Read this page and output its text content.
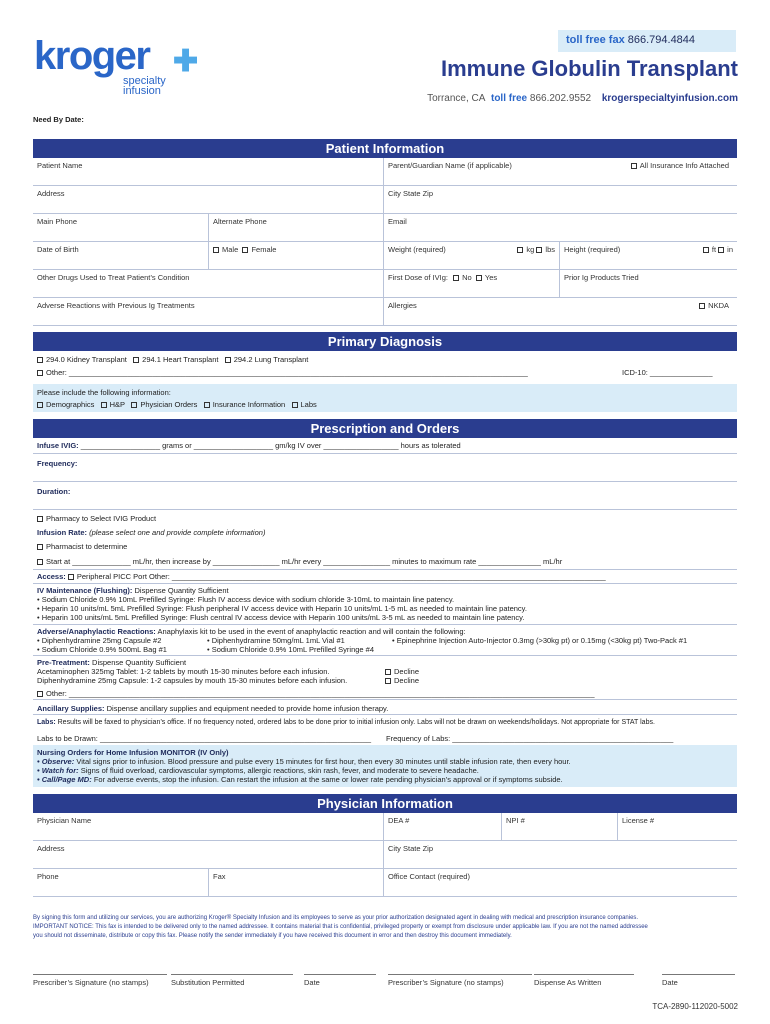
kroger ✚
specialty
infusion
toll free fax 866.794.4844
Immune Globulin Transplant
Torrance, CA toll free 866.202.9552 krogerspecialtyinfusion.com
Need By Date:
Patient Information
Patient Name	Parent/Guardian Name (if applicable)	All Insurance Info Attached
Address	City State Zip
Main Phone	Alternate Phone	Email
Date of Birth	Male Female	Weight (required)	kg lbs	Height (required)	ft in
Other Drugs Used to Treat Patient’s Condition	First Dose of IVIg: No Yes	Prior Ig Products Tried
Adverse Reactions with Previous Ig Treatments	Allergies	NKDA
Primary Diagnosis
294.0 Kidney Transplant 294.1 Heart Transplant 294.2 Lung Transplant
Other: ______________________________________________________________________________________________________________	ICD-10: _______________
Please include the following information:
Demographics H&P Physician Orders Insurance Information Labs
Prescription and Orders
Infuse IVIG: ___________________ grams or ___________________ gm/kg IV over __________________ hours as tolerated
Frequency:
Duration:
Pharmacy to Select IVIG Product
Infusion Rate: (please select one and provide complete information)
Pharmacist to determine
Start at ______________ mL/hr, then increase by ________________ mL/hr every ________________ minutes to maximum rate _______________ mL/hr
Access: Peripheral PICC Port Other: ________________________________________________________________________________________________________
IV Maintenance (Flushing): Dispense Quantity Sufficient
• Sodium Chloride 0.9% 10mL Prefilled Syringe: Flush IV access device with sodium chloride 3-10mL to maintain line patency.
• Heparin 10 units/mL 5mL Prefilled Syringe: Flush peripheral IV access device with Heparin 10 units/mL 1-5 mL as needed to maintain line patency.
• Heparin 100 units/mL 5mL Prefilled Syringe: Flush central IV access device with Heparin 100 units/mL 3-5 mL as needed to maintain line patency.
Adverse/Anaphylactic Reactions: Anaphylaxis kit to be used in the event of anaphylactic reaction and will contain the following:
• Diphenhydramine 25mg Capsule #2	• Diphenhydramine 50mg/mL 1mL Vial #1	• Epinephrine Injection Auto-Injector 0.3mg (>30kg pt) or 0.15mg (<30kg pt) Two-Pack #1
• Sodium Chloride 0.9% 500mL Bag #1	• Sodium Chloride 0.9% 10mL Prefilled Syringe #4
Pre-Treatment: Dispense Quantity Sufficient
Acetaminophen 325mg Tablet: 1-2 tablets by mouth 15-30 minutes before each infusion.	Decline
Diphenhydramine 25mg Capsule: 1-2 capsules by mouth 15-30 minutes before each infusion.	Decline
Other: ______________________________________________________________________________________________________________________________
Ancillary Supplies: Dispense ancillary supplies and equipment needed to provide home infusion therapy.
Labs: Results will be faxed to physician’s office. If no frequency noted, ordered labs to be done prior to initial infusion only. Labs will not be drawn on weekends/holidays. Not appropriate for STAT labs.
Labs to be Drawn: _________________________________________________________________ Frequency of Labs: _____________________________________________________
Nursing Orders for Home Infusion MONITOR (IV Only)
• Observe: Vital signs prior to infusion. Blood pressure and pulse every 15 minutes for first hour, then every 30 minutes until stable infusion rate, then every hour.
• Watch for: Signs of fluid overload, cardiovascular symptoms, allergic reactions, skin rash, fever, and moderate to severe headache.
• Call/Page MD: For adverse events, stop the infusion. Can restart the infusion at the same or lower rate pending physician’s approval or if symptoms subside.
Physician Information
Physician Name	DEA #	NPI #	License #
Address	City State Zip
Phone	Fax	Office Contact (required)
By signing this form and utilizing our services, you are authorizing Kroger® Specialty Infusion and its employees to serve as your prior authorization designated agent in dealing with medical and prescription insurance companies.
IMPORTANT NOTICE: This fax is intended to be delivered only to the named addressee. It contains material that is confidential, privileged property or exempt from disclosure under applicable law. If you are not the named addressee
you should not disseminate, distribute or copy this fax. Please notify the sender immediately if you have received this document in error and then destroy this document immediately.
Prescriber’s Signature (no stamps)	Substitution Permitted	Date	Prescriber’s Signature (no stamps)	Dispense As Written	Date
TCA-2890-112020-5002
